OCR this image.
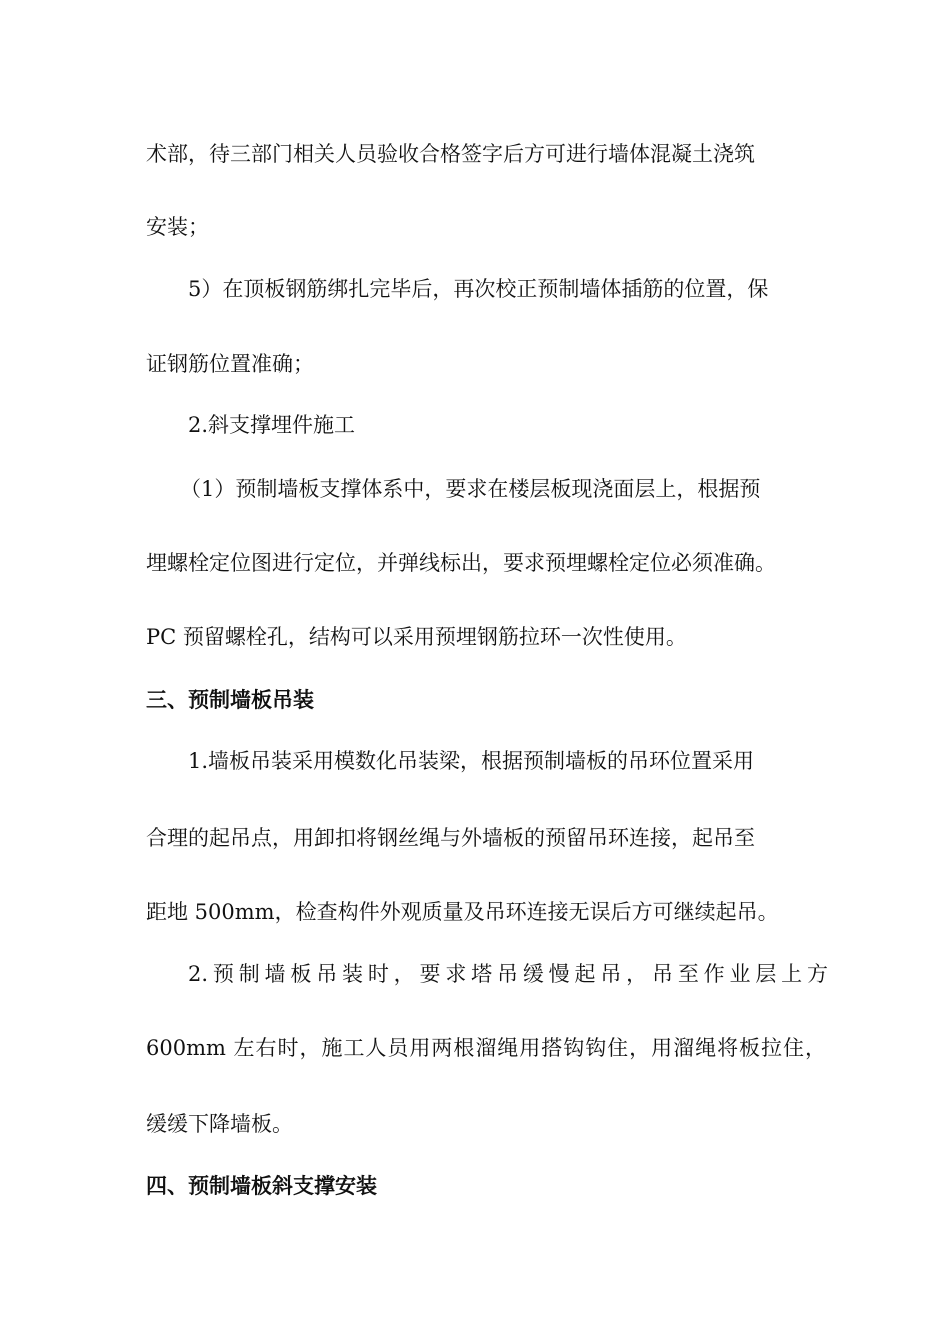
术部，待三部门相关人员验收合格签字后方可进行墙体混凝土浇筑
安装；
5）在顶板钢筋绑扎完毕后，再次校正预制墙体插筋的位置，保
证钢筋位置准确；
2.斜支撑埋件施工
（1）预制墙板支撑体系中，要求在楼层板现浇面层上，根据预
埋螺栓定位图进行定位，并弹线标出，要求预埋螺栓定位必须准确。
PC 预留螺栓孔，结构可以采用预埋钢筋拉环一次性使用。
三、预制墙板吊装
1.墙板吊装采用模数化吊装梁，根据预制墙板的吊环位置采用
合理的起吊点，用卸扣将钢丝绳与外墙板的预留吊环连接，起吊至
距地 500mm，检查构件外观质量及吊环连接无误后方可继续起吊。
2.预制墙板吊装时，要求塔吊缓慢起吊，吊至作业层上方
600mm 左右时，施工人员用两根溜绳用搭钩钩住，用溜绳将板拉住，
缓缓下降墙板。
四、预制墙板斜支撑安装
